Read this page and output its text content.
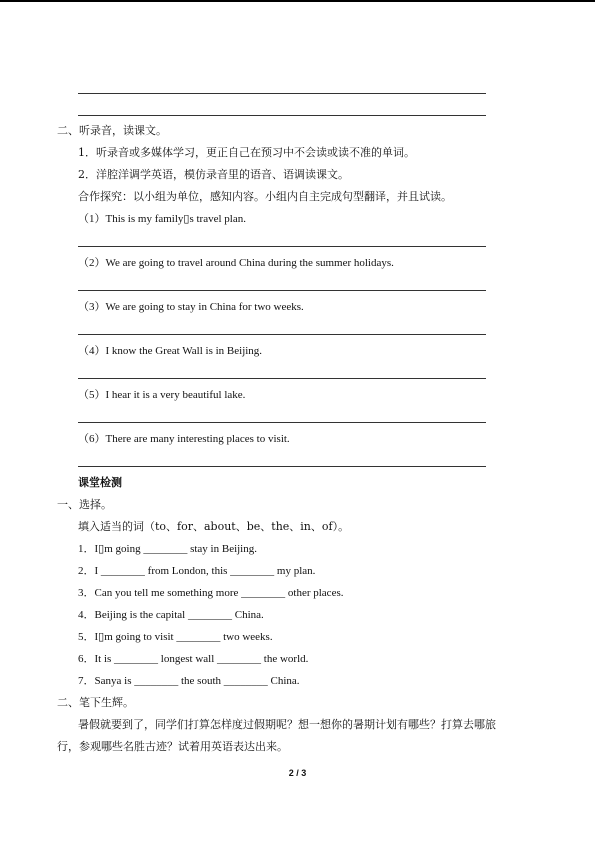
二、听录音，读课文。
1．听录音或多媒体学习，更正自己在预习中不会读或读不准的单词。
2．洋腔洋调学英语，模仿录音里的语音、语调读课文。
合作探究：以小组为单位，感知内容。小组内自主完成句型翻译，并且试读。
（1）This is my family▯s travel plan.
（2）We are going to travel around China during the summer holidays.
（3）We are going to stay in China for two weeks.
（4）I know the Great Wall is in Beijing.
（5）I hear it is a very beautiful lake.
（6）There are many interesting places to visit.
课堂检测
一、选择。
填入适当的词（to、for、about、be、the、in、of）。
1．I▯m going ________ stay in Beijing.
2．I ________ from London, this ________ my plan.
3．Can you tell me something more ________ other places.
4．Beijing is the capital ________ China.
5．I▯m going to visit ________ two weeks.
6．It is ________ longest wall ________ the world.
7．Sanya is ________ the south ________ China.
二、笔下生辉。
暑假就要到了，同学们打算怎样度过假期呢？想一想你的暑期计划有哪些？打算去哪旅
行，参观哪些名胜古迹？试着用英语表达出来。
2 / 3
